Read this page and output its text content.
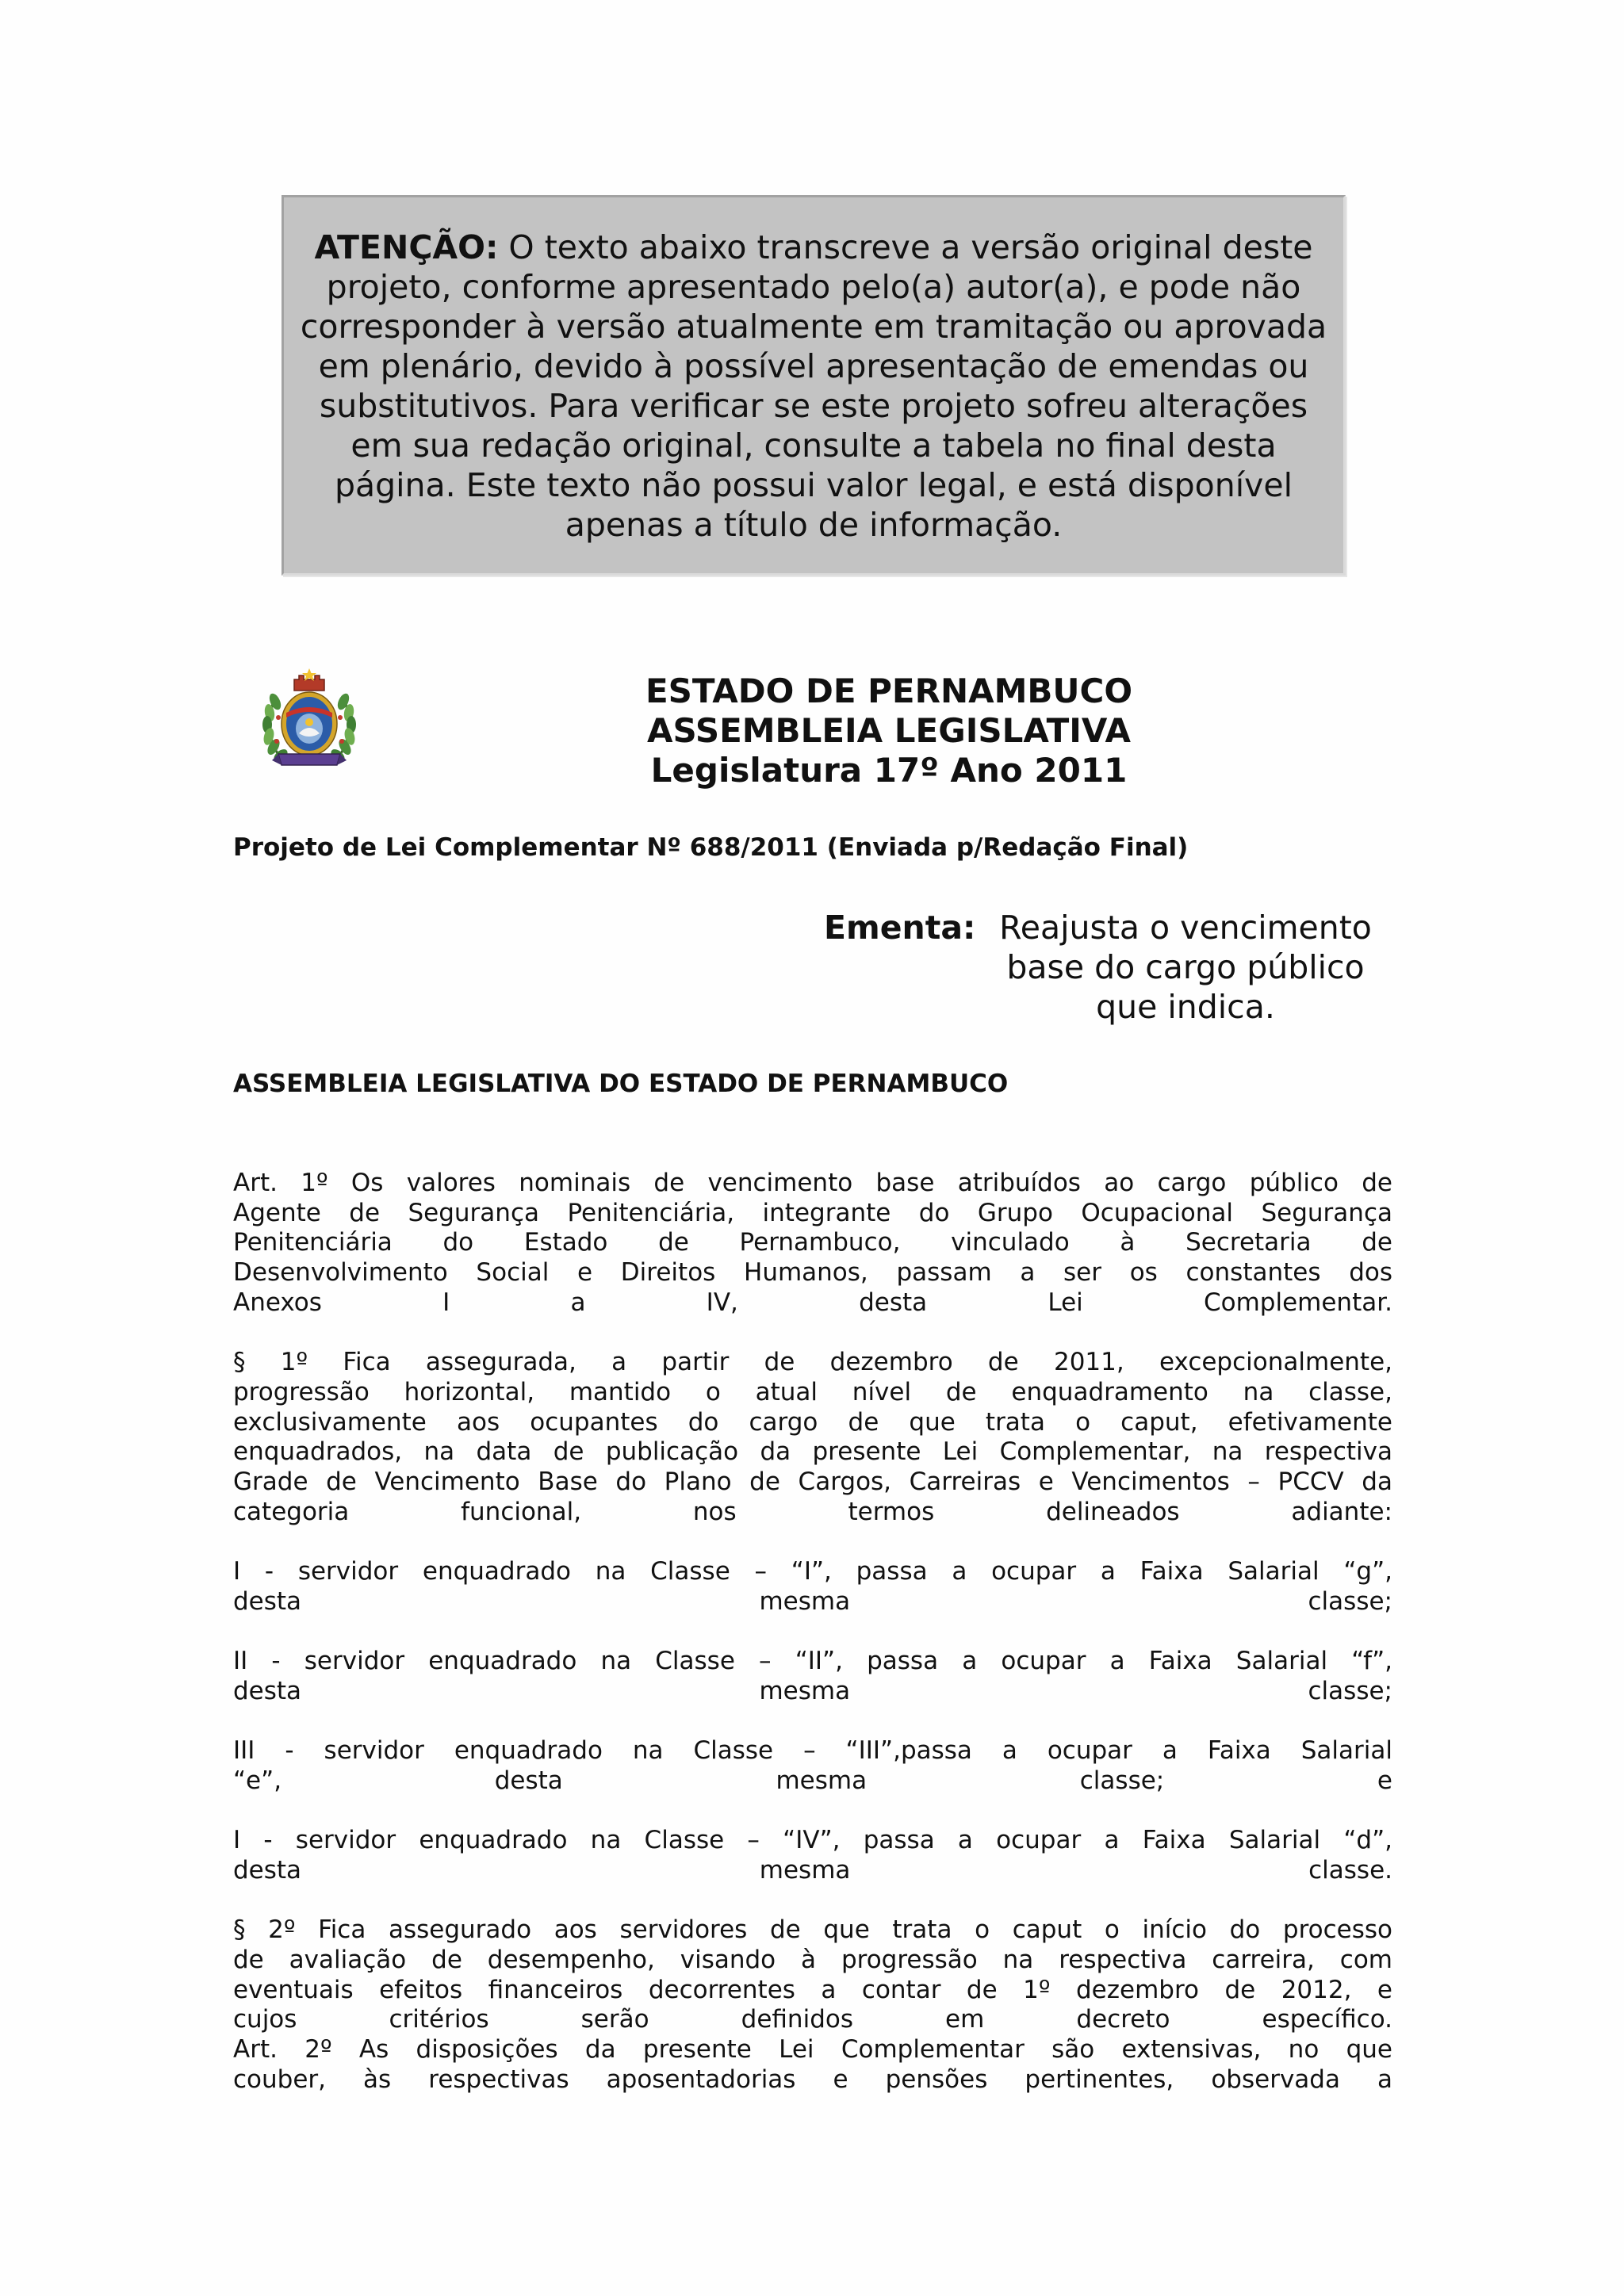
ATENÇÃO: O texto abaixo transcreve a versão original deste
projeto, conforme apresentado pelo(a) autor(a), e pode não
corresponder à versão atualmente em tramitação ou aprovada
em plenário, devido à possível apresentação de emendas ou
substitutivos. Para verificar se este projeto sofreu alterações
em sua redação original, consulte a tabela no final desta
página. Este texto não possui valor legal, e está disponível
apenas a título de informação.
ESTADO DE PERNAMBUCO
ASSEMBLEIA LEGISLATIVA
Legislatura 17º Ano 2011
Projeto de Lei Complementar Nº 688/2011 (Enviada p/Redação Final)
Ementa: Reajusta o vencimento
base do cargo público
que indica.
ASSEMBLEIA LEGISLATIVA DO ESTADO DE PERNAMBUCO
Art. 1º Os valores nominais de vencimento base atribuídos ao cargo público de
Agente de Segurança Penitenciária, integrante do Grupo Ocupacional Segurança
Penitenciária do Estado de Pernambuco, vinculado à Secretaria de
Desenvolvimento Social e Direitos Humanos, passam a ser os constantes dos
Anexos I a IV, desta Lei Complementar.
§ 1º Fica assegurada, a partir de dezembro de 2011, excepcionalmente,
progressão horizontal, mantido o atual nível de enquadramento na classe,
exclusivamente aos ocupantes do cargo de que trata o caput, efetivamente
enquadrados, na data de publicação da presente Lei Complementar, na respectiva
Grade de Vencimento Base do Plano de Cargos, Carreiras e Vencimentos – PCCV da
categoria funcional, nos termos delineados adiante:
I - servidor enquadrado na Classe – “I”, passa a ocupar a Faixa Salarial “g”,
desta mesma classe;
II - servidor enquadrado na Classe – “II”, passa a ocupar a Faixa Salarial “f”,
desta mesma classe;
III - servidor enquadrado na Classe – “III”,passa a ocupar a Faixa Salarial
“e”, desta mesma classe; e
I - servidor enquadrado na Classe – “IV”, passa a ocupar a Faixa Salarial “d”,
desta mesma classe.
§ 2º Fica assegurado aos servidores de que trata o caput o início do processo
de avaliação de desempenho, visando à progressão na respectiva carreira, com
eventuais efeitos financeiros decorrentes a contar de 1º dezembro de 2012, e
cujos critérios serão definidos em decreto específico.
Art. 2º As disposições da presente Lei Complementar são extensivas, no que
couber, às respectivas aposentadorias e pensões pertinentes, observada a
